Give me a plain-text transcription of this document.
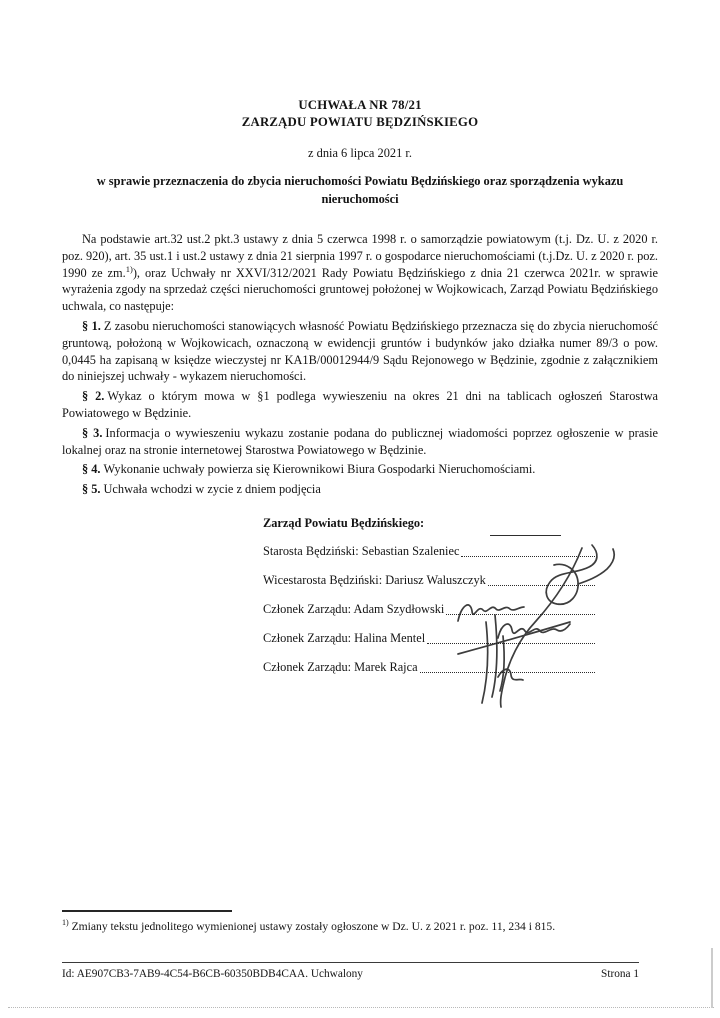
UCHWAŁA NR 78/21
ZARZĄDU POWIATU BĘDZIŃSKIEGO
z dnia 6 lipca 2021 r.
w sprawie przeznaczenia do zbycia nieruchomości Powiatu Będzińskiego oraz sporządzenia wykazu nieruchomości

Na podstawie art.32 ust.2 pkt.3 ustawy z dnia 5 czerwca 1998 r. o samorządzie powiatowym (t.j. Dz. U. z 2020 r. poz. 920), art. 35 ust.1 i ust.2 ustawy z dnia 21 sierpnia 1997 r. o gospodarce nieruchomościami (t.j.Dz. U. z 2020 r. poz. 1990 ze zm.$^{1)}$), oraz Uchwały nr XXVI/312/2021 Rady Powiatu Będzińskiego z dnia 21 czerwca 2021r. w sprawie wyrażenia zgody na sprzedaż części nieruchomości gruntowej położonej w Wojkowicach, Zarząd Powiatu Będzińskiego uchwala, co następuje:

§ 1. Z zasobu nieruchomości stanowiących własność Powiatu Będzińskiego przeznacza się do zbycia nieruchomość gruntową, położoną w Wojkowicach, oznaczoną w ewidencji gruntów i budynków jako działka numer 89/3 o pow. 0,0445 ha zapisaną w księdze wieczystej nr KA1B/00012944/9 Sądu Rejonowego w Będzinie, zgodnie z załącznikiem do niniejszej uchwały - wykazem nieruchomości.

§ 2. Wykaz o którym mowa w §1 podlega wywieszeniu na okres 21 dni na tablicach ogłoszeń Starostwa Powiatowego w Będzinie.

§ 3. Informacja o wywieszeniu wykazu zostanie podana do publicznej wiadomości poprzez ogłoszenie w prasie lokalnej oraz na stronie internetowej Starostwa Powiatowego w Będzinie.

§ 4. Wykonanie uchwały powierza się Kierownikowi Biura Gospodarki Nieruchomościami.

§ 5. Uchwała wchodzi w zycie z dniem podjęcia

Zarząd Powiatu Będzińskiego:
Starosta Będziński: Sebastian Szaleniec
Wicestarosta Będziński: Dariusz Waluszczyk
Członek Zarządu: Adam Szydłowski
Członek Zarządu: Halina Mentel
Członek Zarządu: Marek Rajca
$^{1)}$ Zmiany tekstu jednolitego wymienionej ustawy zostały ogłoszone w Dz. U. z 2021 r. poz. 11, 234 i 815.
Id: AE907CB3-7AB9-4C54-B6CB-60350BDB4CAA. Uchwalony	Strona 1
